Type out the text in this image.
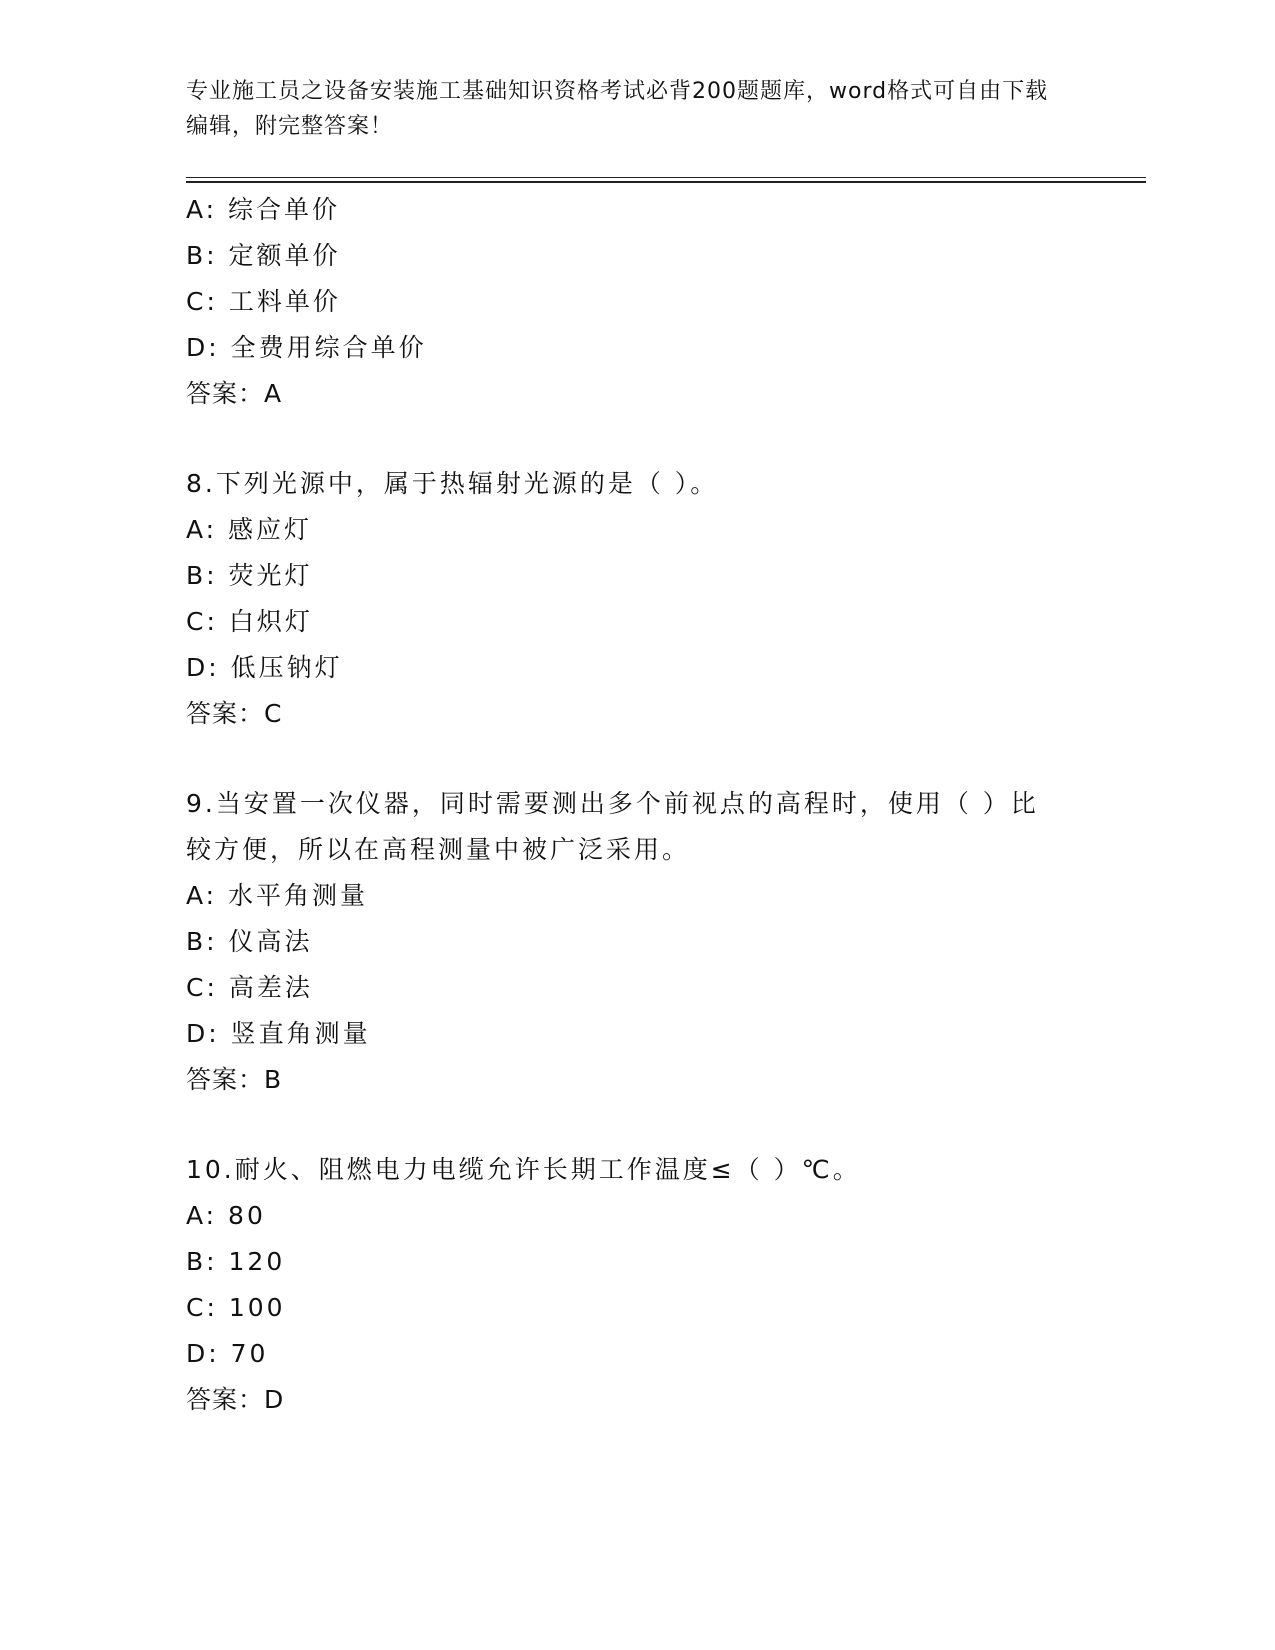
专业施工员之设备安装施工基础知识资格考试必背200题题库，word格式可自由下载编辑，附完整答案！
A: 综合单价
B: 定额单价
C: 工料单价
D: 全费用综合单价
答案：A
8.下列光源中，属于热辐射光源的是（ ）。
A: 感应灯
B: 荧光灯
C: 白炽灯
D: 低压钠灯
答案：C
9.当安置一次仪器，同时需要测出多个前视点的高程时，使用（ ）比
较方便，所以在高程测量中被广泛采用。
A: 水平角测量
B: 仪高法
C: 高差法
D: 竖直角测量
答案：B
10.耐火、阻燃电力电缆允许长期工作温度≤（ ）℃。
A: 80
B: 120
C: 100
D: 70
答案：D
